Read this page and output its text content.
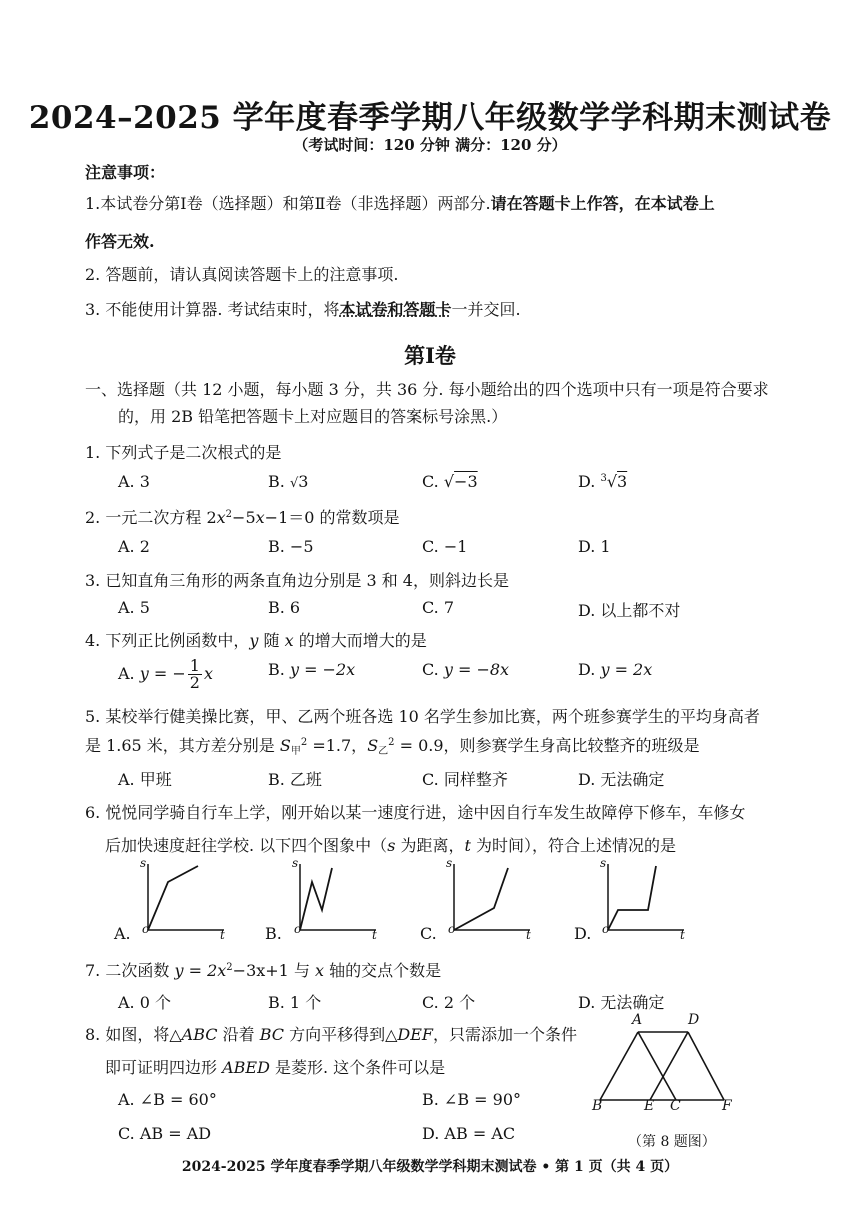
2024–2025 学年度春季学期八年级数学学科期末测试卷
（考试时间：120 分钟 满分：120 分）
注意事项：
1.本试卷分第Ⅰ卷（选择题）和第Ⅱ卷（非选择题）两部分.请在答题卡上作答，在本试卷上
作答无效.
2. 答题前，请认真阅读答题卡上的注意事项.
3. 不能使用计算器. 考试结束时，将本试卷和答题卡一并交回.
第Ⅰ卷
一、选择题（共 12 小题，每小题 3 分，共 36 分. 每小题给出的四个选项中只有一项是符合要求
的，用 2B 铅笔把答题卡上对应题目的答案标号涂黑.）
1. 下列式子是二次根式的是
A. 3	B. √3	C. √−3	D. $^3$√3
2. 一元二次方程 $2x^2-5x-1=0$ 的常数项是
A. 2	B. −5	C. −1	D. 1
3. 已知直角三角形的两条直角边分别是 3 和 4，则斜边长是
A. 5	B. 6	C. 7	D. 以上都不对
4. 下列正比例函数中，y 随 x 的增大而增大的是
A. y = − $\frac{1}{2}$ x	B. y = −2x	C. y = −8x	D. y = 2x
5. 某校举行健美操比赛，甲、乙两个班各选 10 名学生参加比赛，两个班参赛学生的平均身高者
是 1.65 米，其方差分别是 $S_甲^2 =1.7$，$S_乙^2 = 0.9$，则参赛学生身高比较整齐的班级是
A. 甲班	B. 乙班	C. 同样整齐	D. 无法确定
6. 悦悦同学骑自行车上学，刚开始以某一速度行进，途中因自行车发生故障停下修车，车修女
后加快速度赶往学校. 以下四个图象中（s 为距离，t 为时间），符合上述情况的是
A.
s
t
o	B.
s
t
o	C.
s
t
o	D.
s
t
o
7. 二次函数 $y = 2x^2-3x+1$ 与 x 轴的交点个数是
A. 0 个	B. 1 个	C. 2 个	D. 无法确定
8. 如图，将△ABC 沿着 BC 方向平移得到△DEF，只需添加一个条件
即可证明四边形 ABED 是菱形. 这个条件可以是
A. ∠B = 60°	B. ∠B = 90°
C. AB = AD	D. AB = AC
A	D
B	E C	F
（第 8 题图）
2024-2025 学年度春季学期八年级数学学科期末测试卷 • 第 1 页（共 4 页）
